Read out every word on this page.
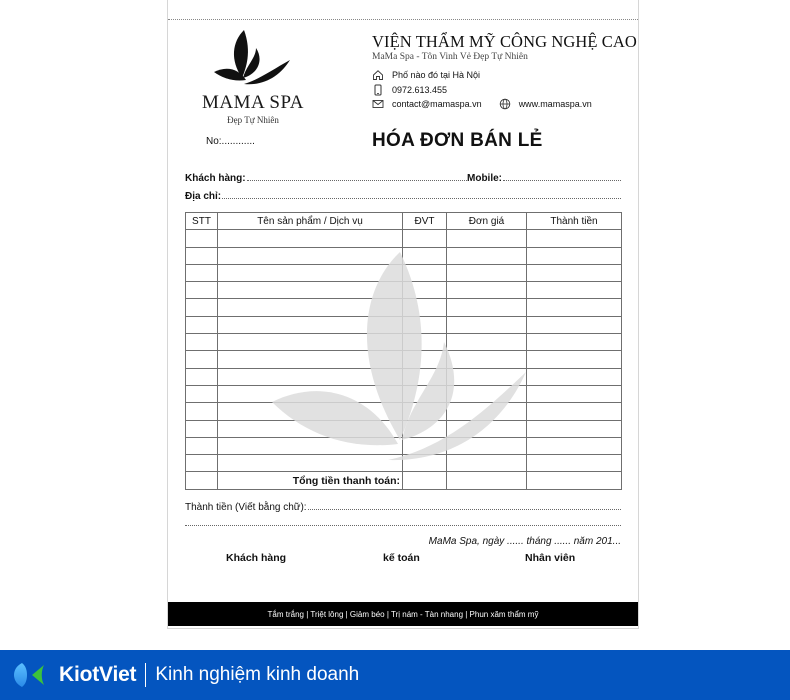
MAMA SPA
Đẹp Tự Nhiên
No:............
VIỆN THẨM MỸ CÔNG NGHỆ CAO
MaMa Spa - Tôn Vinh Vẻ Đẹp Tự Nhiên
Phố nào đó tại Hà Nội
0972.613.455
contact@mamaspa.vn	www.mamaspa.vn
HÓA ĐƠN BÁN LẺ
Khách hàng:	Mobile:
Địa chỉ:
STT	Tên sản phẩm / Dịch vụ	ĐVT	Đơn giá	Thành tiền

	Tổng tiền thanh toán:			
Thành tiền (Viết bằng chữ):
MaMa Spa, ngày ...... tháng ...... năm 201...
Khách hàng	kế toán	Nhân viên
Tắm trắng | Triệt lông | Giảm béo | Trị nám - Tàn nhang | Phun xăm thẩm mỹ
KiotViet Kinh nghiệm kinh doanh
